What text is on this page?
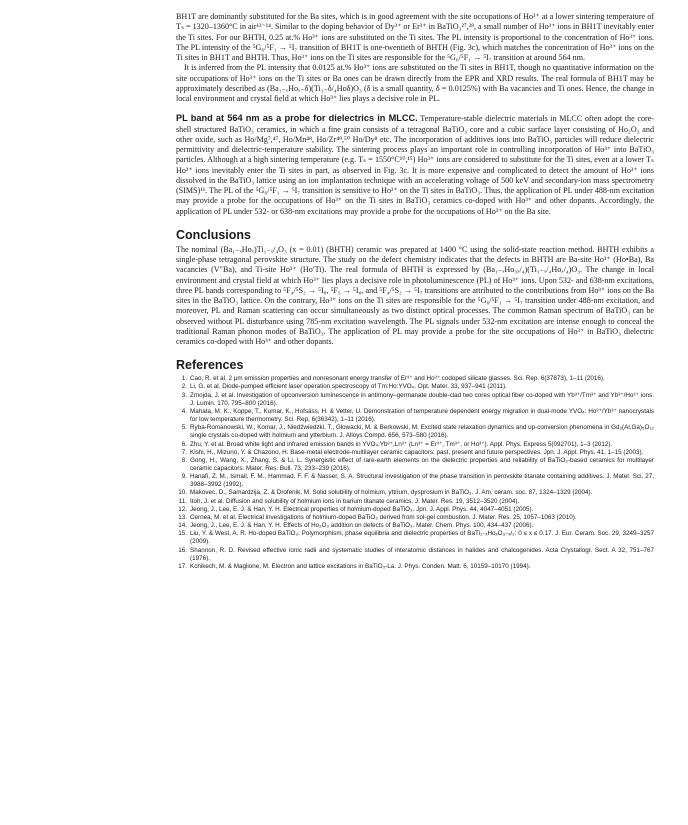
BH1T are dominantly substituted for the Ba sites, which is in good agreement with the site occupations of Ho³⁺ at a lower sintering temperature of Tₛ = 1320–1360°C in air¹²⁻¹⁴. Similar to the doping behavior of Dy³⁺ or Er³⁺ in BaTiO₃²⁷,²⁸, a small number of Ho³⁺ ions in BH1T inevitably enter the Ti sites. For our BHTH, 0.25 at.% Ho³⁺ ions are substituted on the Ti sites. The PL intensity is proportional to the concentration of Ho³⁺ ions. The PL intensity of the ⁵G₆/⁵F₁ → ⁵I₇ transition of BH1T is one-twentieth of BHTH (Fig. 3c), which matches the concentration of Ho³⁺ ions on the Ti sites in BH1T and BHTH. Thus, Ho³⁺ ions on the Ti sites are responsible for the ⁵G₆/⁵F₁ → ⁵I₇ transition at around 564 nm.

It is inferred from the PL intensity that 0.0125 at.% Ho³⁺ ions are substituted on the Ti sites in BH1T, though no quantitative information on the site occupations of Ho³⁺ ions on the Ti sites or Ba ones can be drawn directly from the EPR and XRD results. The real formula of BH1T may be approximately described as (Ba₁₋ₓHoₓ₋δ)(Ti₁₋δ/₄Hoδ)O₃ (δ is a small quantity, δ = 0.0125%) with Ba vacancies and Ti ones. Hence, the change in local environment and crystal field at which Ho³⁺ lies plays a decisive role in PL.

PL band at 564 nm as a probe for dielectrics in MLCC. Temperature-stable dielectric materials in MLCC often adopt the core-shell structured BaTiO₃ ceramics, in which a fine grain consists of a tetragonal BaTiO₃ core and a cubic surface layer consisting of Ho₂O₃ and other oxide, such as Ho/Mg⁷,⁴⁷, Ho/Mn⁴⁸, Ho/Zr⁴⁹,⁵⁰ Ho/Dy⁸ etc. The incorporation of additives ions into BaTiO₃ particles will reduce dielectric permittivity and dielectric-temperature stability. The sintering process plays an important role in controlling incorporation of Ho³⁺ into BaTiO₃ particles. Although at a high sintering temperature (e.g. Tₛ = 1550°C¹⁰,¹⁵) Ho³⁺ ions are considered to substitute for the Ti sites, even at a lower Tₛ Ho³⁺ ions inevitably enter the Ti sites in part, as observed in Fig. 3c. It is more expensive and complicated to detect the amount of Ho³⁺ ions dissolved in the BaTiO₃ lattice using an ion implantation technique with an accelerating voltage of 500 keV and secondary-ion mass spectrometry (SIMS)¹¹. The PL of the ⁵G₆/⁵F₁ → ⁵I₇ transition is sensitive to Ho³⁺ on the Ti sites in BaTiO₃. Thus, the application of PL under 488-nm excitation may provide a probe for the occupations of Ho³⁺ on the Ti sites in BaTiO₃ ceramics co-doped with Ho³⁺ and other dopants. Accordingly, the application of PL under 532- or 638-nm excitations may provide a probe for the occupations of Ho³⁺ on the Ba site.

Conclusions

The nominal (Ba₁₋ₓHoₓ)Ti₁₋ₓ/₄O₃ (x = 0.01) (BHTH) ceramic was prepared at 1400 °C using the solid-state reaction method. BHTH exhibits a single-phase tetragonal perovskite structure. The study on the defect chemistry indicates that the defects in BHTH are Ba-site Ho³⁺ (Ho•Ba), Ba vacancies (V″Ba), and Ti-site Ho³⁺ (Ho′Ti). The real formula of BHTH is expressed by (Ba₁₋ₓHo₃ₓ/₄)(Ti₁₋ₓ/₄Hoₓ/₄)O₃. The change in local environment and crystal field at which Ho³⁺ lies plays a decisive role in photoluminescence (PL) of Ho³⁺ ions. Upon 532- and 638-nm excitations, three PL bands corresponding to ⁵F₄/⁵S₂ → ⁵I₈, ⁵F₅ → ⁵I₈, and ⁵F₄/⁵S₂ → ⁵I₇ transitions are attributed to the contributions from Ho³⁺ ions on the Ba sites in the BaTiO₃ lattice. On the contrary, Ho³⁺ ions on the Ti sites are responsible for the ⁵G₆/⁵F₁ → ⁵I₇ transition under 488-nm excitation, and moreover, PL and Raman scattering can occur simultaneously as two distinct optical processes. The common Raman spectrum of BaTiO₃ can be observed without PL disturbance using 785-nm excitation wavelength. The PL signals under 532-nm excitation are intense enough to conceal the traditional Raman phonon modes of BaTiO₃. The application of PL may provide a probe for the site occupations of Ho³⁺ in BaTiO₃ dielectric ceramics co-doped with Ho³⁺ and other dopants.

References
1. Cao, R. et al. 2 μm emission properties and nonresonant energy transfer of Er³⁺ and Ho³⁺ codoped silicate glasses. Sci. Rep. 6(37873), 1–11 (2016).
2. Li, G. et al. Diode-pumped efficient laser operation spectroscopy of Tm:Ho:YVO₄. Opt. Mater. 33, 937–941 (2011).
3. Zmojda, J. et al. Investigation of upconversion luminescence in antimony–germanate double-clad two cores optical fiber co-doped with Yb³⁺/Tm³⁺ and Yb³⁺/Ho³⁺ ions. J. Lumin. 170, 795–800 (2016).
4. Mahata, M. K., Koppe, T., Kumar, K., Hofsäss, H. & Vetter, U. Demonstration of temperature dependent energy migration in dual-mode YVO₄: Ho³⁺/Yb³⁺ nanocrystals for low temperature thermometry. Sci. Rep. 6(36342), 1–11 (2016).
5. Ryba-Romanowski, W., Komar, J., Niedźwiedzki, T., Głowacki, M. & Berkowski, M. Excited state relaxation dynamics and up-conversion phenomena in Gd₃(Al,Ga)₅O₁₂ single crystals co-doped with holmium and ytterbium. J. Alloys Compd. 656, 573–580 (2016).
6. Zhu, Y. et al. Broad white light and infrared emission bands in YVO₄:Yb³⁺,Ln³⁺ (Ln³⁺ = Er³⁺, Tm³⁺, or Ho³⁺). Appl. Phys. Express 5(092701), 1–3 (2012).
7. Kishi, H., Mizuno, Y. & Chazono, H. Base-metal electrode-multilayer ceramic capacitors: past, present and future perspectives. Jpn. J. Appl. Phys. 41, 1–15 (2003).
8. Gong, H., Wang, X., Zhang, S. & Li, L. Synergistic effect of rare-earth elements on the dielectric properties and reliability of BaTiO₃-based ceramics for multilayer ceramic capacitors. Mater. Res. Bull. 73, 233–239 (2016).
9. Hanafi, Z. M., Ismail, F. M., Hammad, F. F. & Nasser, S. A. Structural investigation of the phase transition in perovskite titanate containing additives. J. Mater. Sci. 27, 3988–3992 (1992).
10. Makovec, D., Samardzija, Z. & Drofenik, M. Solid solubility of holmium, yttrium, dysprosium in BaTiO₃. J. Am. ceram. soc. 87, 1324–1329 (2004).
11. Itoh, J. et al. Diffusion and solubility of holmium ions in barium titanate ceramics. J. Mater. Res. 19, 3512–3520 (2004).
12. Jeong, J., Lee, E. J. & Han, Y. H. Electrical properties of holmium-doped BaTiO₃. Jpn. J. Appl. Phys. 44, 4047–4051 (2005).
13. Cernea, M. et al. Electrical investigations of holmium-doped BaTiO₃ derived from sol-gel combustion. J. Mater. Res. 25, 1057–1063 (2010).
14. Jeong, J., Lee, E. J. & Han, Y. H. Effects of Ho₂O₃ addition on defects of BaTiO₃. Mater. Chem. Phys. 100, 434–437 (2006).
15. Liu, Y. & West, A. R. Ho-doped BaTiO₃: Polymorphism, phase equilibria and dielectric properties of BaTi₁₋ₓHoₓO₃₋ₓ/₂: 0 ≤ x ≤ 0.17. J. Eur. Ceram. Soc. 29, 3249–3257 (2009).
16. Shannon, R. D. Revised effective ionic radii and systematic studies of interatomic distances in halides and chalcogenides. Acta Crystallogr. Sect. A 32, 751–767 (1976).
17. Kchikech, M. & Maglione, M. Electron and lattice excitations in BaTiO₃-La. J. Phys. Conden. Matt. 6, 10159–10170 (1994).
